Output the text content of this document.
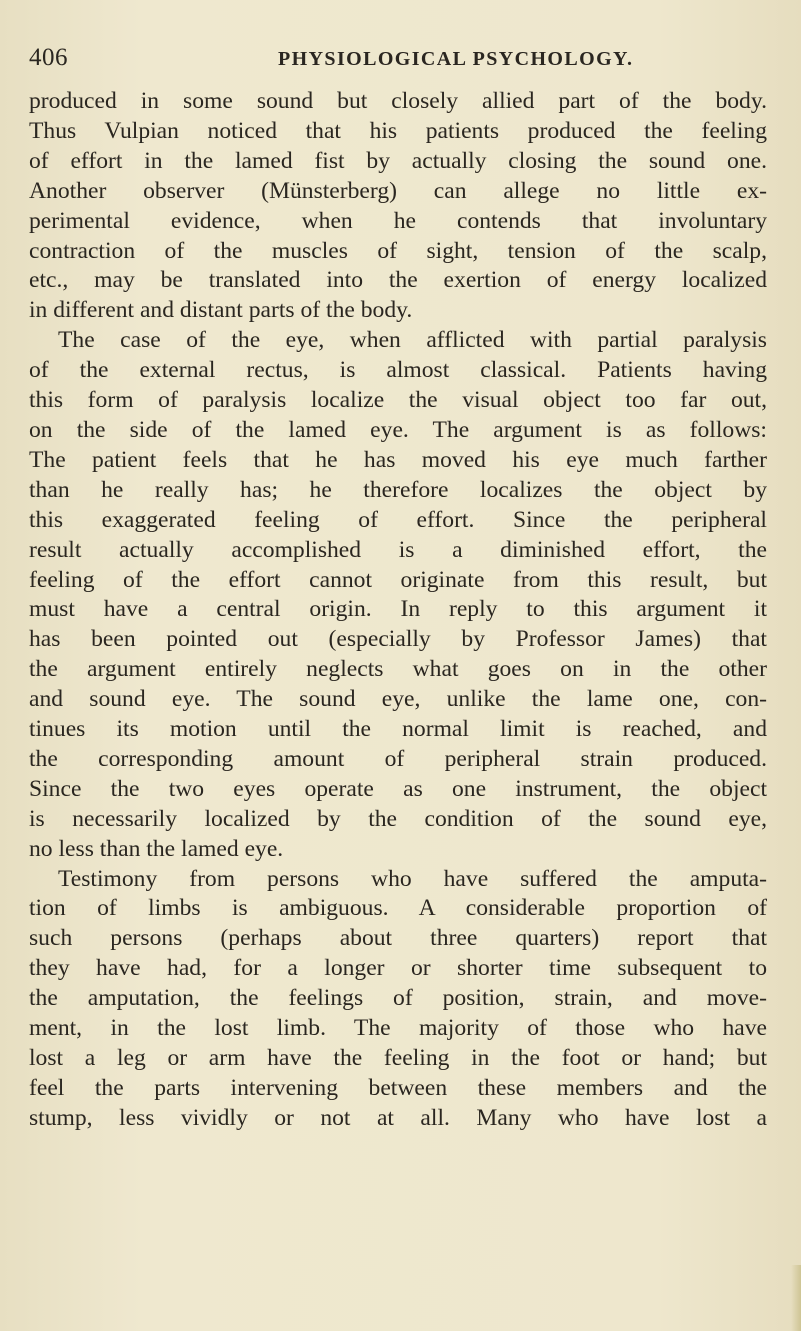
406	PHYSIOLOGICAL PSYCHOLOGY.
produced in some sound but closely allied part of the body.
Thus Vulpian noticed that his patients produced the feeling
of effort in the lamed fist by actually closing the sound one.
Another observer (Münsterberg) can allege no little ex-
perimental evidence, when he contends that involuntary
contraction of the muscles of sight, tension of the scalp,
etc., may be translated into the exertion of energy localized
in different and distant parts of the body.
The case of the eye, when afflicted with partial paralysis
of the external rectus, is almost classical. Patients having
this form of paralysis localize the visual object too far out,
on the side of the lamed eye. The argument is as follows:
The patient feels that he has moved his eye much farther
than he really has; he therefore localizes the object by
this exaggerated feeling of effort. Since the peripheral
result actually accomplished is a diminished effort, the
feeling of the effort cannot originate from this result, but
must have a central origin. In reply to this argument it
has been pointed out (especially by Professor James) that
the argument entirely neglects what goes on in the other
and sound eye. The sound eye, unlike the lame one, con-
tinues its motion until the normal limit is reached, and
the corresponding amount of peripheral strain produced.
Since the two eyes operate as one instrument, the object
is necessarily localized by the condition of the sound eye,
no less than the lamed eye.
Testimony from persons who have suffered the amputa-
tion of limbs is ambiguous. A considerable proportion of
such persons (perhaps about three quarters) report that
they have had, for a longer or shorter time subsequent to
the amputation, the feelings of position, strain, and move-
ment, in the lost limb. The majority of those who have
lost a leg or arm have the feeling in the foot or hand; but
feel the parts intervening between these members and the
stump, less vividly or not at all. Many who have lost a
